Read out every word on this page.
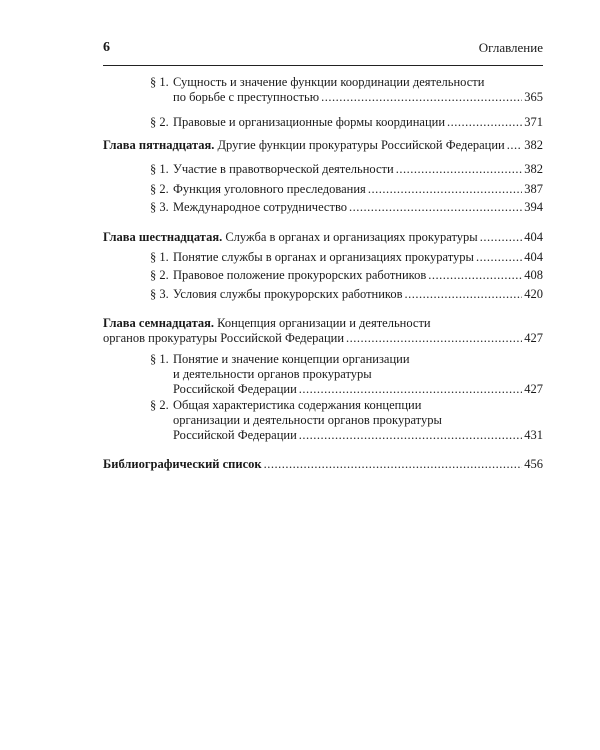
6	Оглавление
§ 1. Сущность и значение функции координации деятельности
по борьбе с преступностью .....	365
§ 2. Правовые и организационные формы координации .....	371
Глава пятнадцатая. Другие функции прокуратуры Российской Федерации ..... 382
§ 1. Участие в правотворческой деятельности .....	382
§ 2. Функция уголовного преследования .....	387
§ 3. Международное сотрудничество .....	394
Глава шестнадцатая. Служба в органах и организациях прокуратуры .....	404
§ 1. Понятие службы в органах и организациях прокуратуры .....	404
§ 2. Правовое положение прокурорских работников .....	408
§ 3. Условия службы прокурорских работников .....	420
Глава семнадцатая. Концепция организации и деятельности
органов прокуратуры Российской Федерации .....	427
§ 1. Понятие и значение концепции организации
и деятельности органов прокуратуры
Российской Федерации .....	427
§ 2. Общая характеристика содержания концепции
организации и деятельности органов прокуратуры
Российской Федерации .....	431
Библиографический список .....	456
